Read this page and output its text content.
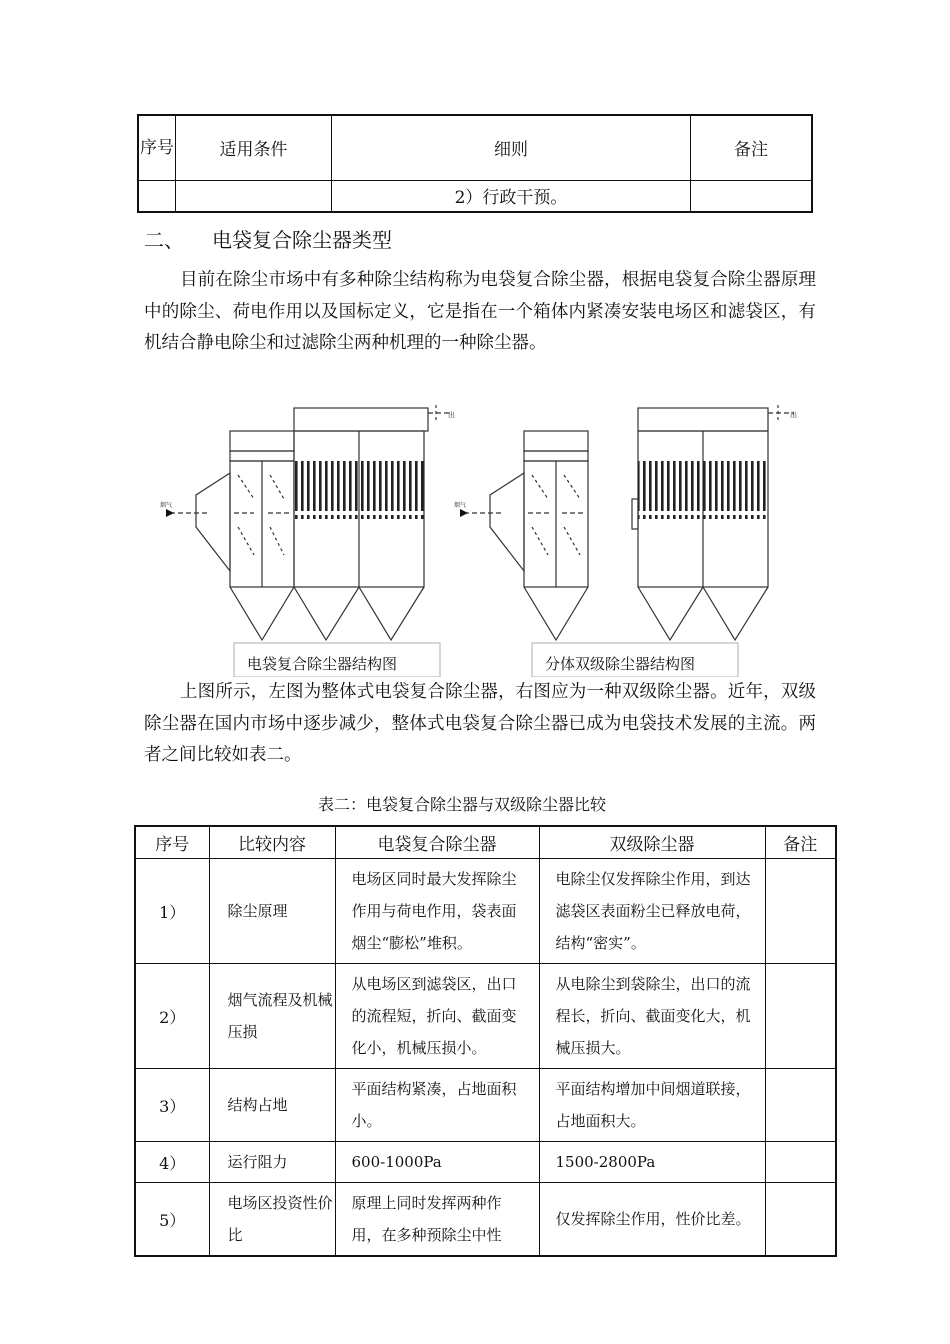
序号	适用条件	细则	备注
		2）行政干预。	
二、 电袋复合除尘器类型

目前在除尘市场中有多种除尘结构称为电袋复合除尘器，根据电袋复合除尘器原理中的除尘、荷电作用以及国标定义，它是指在一个箱体内紧凑安装电场区和滤袋区，有机结合静电除尘和过滤除尘两种机理的一种除尘器。

烟气	烟气
出	出
电袋复合除尘器结构图	分体双级除尘器结构图

上图所示，左图为整体式电袋复合除尘器，右图应为一种双级除尘器。近年，双级除尘器在国内市场中逐步减少，整体式电袋复合除尘器已成为电袋技术发展的主流。两者之间比较如表二。

表二：电袋复合除尘器与双级除尘器比较
序号	比较内容	电袋复合除尘器	双级除尘器	备注
1）	除尘原理	电场区同时最大发挥除尘作用与荷电作用，袋表面烟尘“膨松”堆积。	电除尘仅发挥除尘作用，到达滤袋区表面粉尘已释放电荷，结构“密实”。	
2）	烟气流程及机械压损	从电场区到滤袋区，出口的流程短，折向、截面变化小，机械压损小。	从电除尘到袋除尘，出口的流程长，折向、截面变化大，机械压损大。	
3）	结构占地	平面结构紧凑，占地面积小。	平面结构增加中间烟道联接，占地面积大。	
4）	运行阻力	600-1000Pa	1500-2800Pa	
5）	电场区投资性价比	原理上同时发挥两种作用，在多种预除尘中性	仅发挥除尘作用，性价比差。	
